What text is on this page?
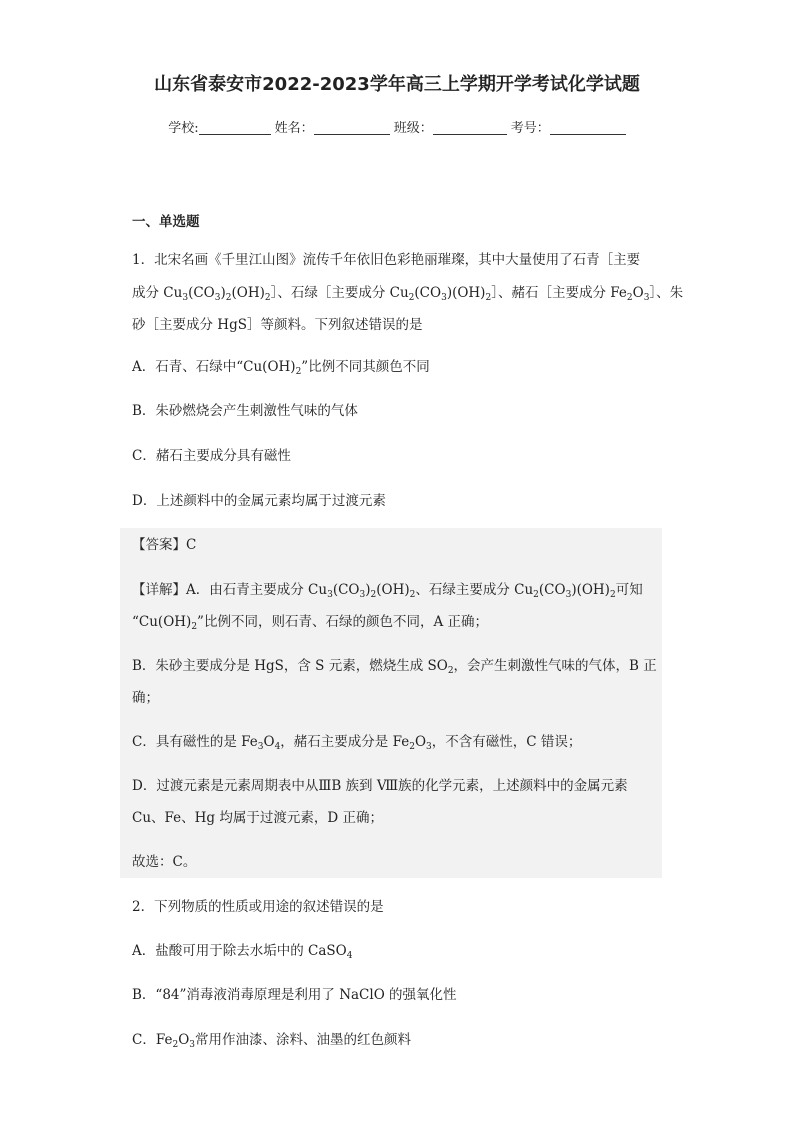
山东省泰安市2022-2023学年高三上学期开学考试化学试题
学校:	姓名：	班级：	考号：
一、单选题
1．北宋名画《千里江山图》流传千年依旧色彩艳丽璀璨，其中大量使用了石青［主要
成分 $Cu_3(CO_3)_2(OH)_2]$、石绿［主要成分 $Cu_2(CO_3)(OH)_2]$、赭石［主要成分 $Fe_2O_3]$、朱
砂［主要成分 HgS］等颜料。下列叙述错误的是
A．石青、石绿中“$Cu(OH)_2$”比例不同其颜色不同
B．朱砂燃烧会产生刺激性气味的气体
C．赭石主要成分具有磁性
D．上述颜料中的金属元素均属于过渡元素
【答案】C
【详解】A．由石青主要成分 $Cu_3(CO_3)_2(OH)_2$、石绿主要成分 $Cu_2(CO_3)(OH)_2$可知
“$Cu(OH)_2$”比例不同，则石青、石绿的颜色不同，A 正确；
B．朱砂主要成分是 HgS，含 S 元素，燃烧生成 $SO_2$，会产生刺激性气味的气体，B 正
确；
C．具有磁性的是 $Fe_3O_4$，赭石主要成分是 $Fe_2O_3$，不含有磁性，C 错误；
D．过渡元素是元素周期表中从ⅢB 族到 Ⅷ族的化学元素，上述颜料中的金属元素
Cu、Fe、Hg 均属于过渡元素，D 正确；
故选：C。
2．下列物质的性质或用途的叙述错误的是
A．盐酸可用于除去水垢中的 CaSO$_4$
B．“84”消毒液消毒原理是利用了 NaClO 的强氧化性
C．$Fe_2O_3$常用作油漆、涂料、油墨的红色颜料
